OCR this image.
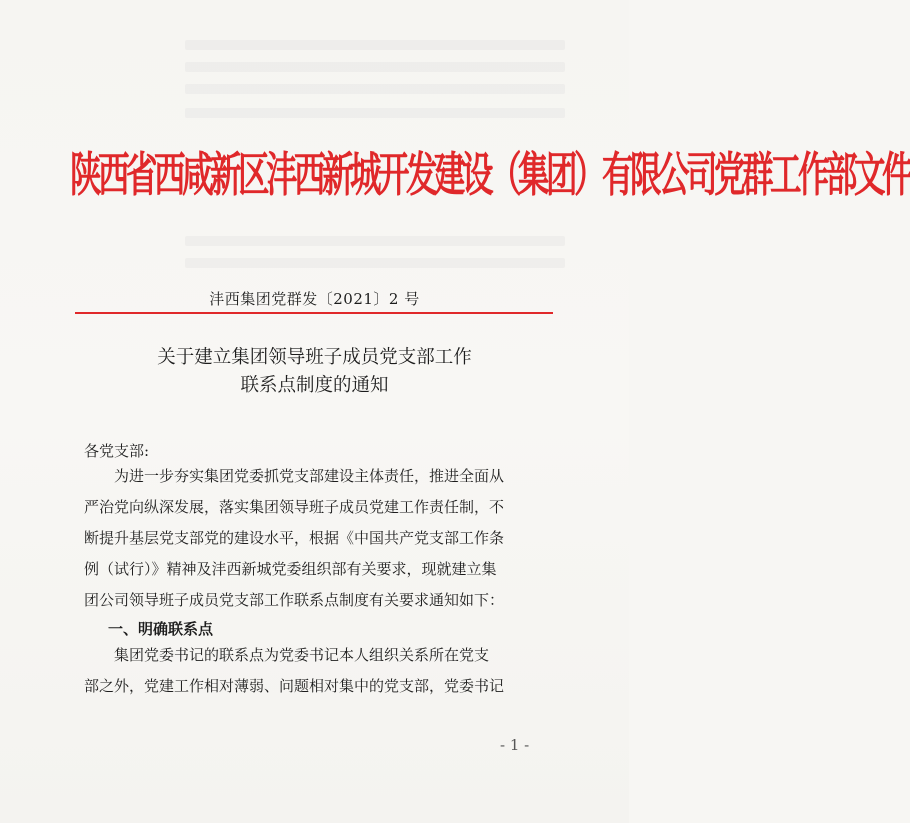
陕西省西咸新区沣西新城开发建设（集团）有限公司党群工作部文件
沣西集团党群发〔2021〕2 号
关于建立集团领导班子成员党支部工作
联系点制度的通知
各党支部:
为进一步夯实集团党委抓党支部建设主体责任，推进全面从
严治党向纵深发展，落实集团领导班子成员党建工作责任制，不
断提升基层党支部党的建设水平，根据《中国共产党支部工作条
例（试行）》精神及沣西新城党委组织部有关要求，现就建立集
团公司领导班子成员党支部工作联系点制度有关要求通知如下：
一、明确联系点
集团党委书记的联系点为党委书记本人组织关系所在党支
部之外，党建工作相对薄弱、问题相对集中的党支部，党委书记
- 1 -
